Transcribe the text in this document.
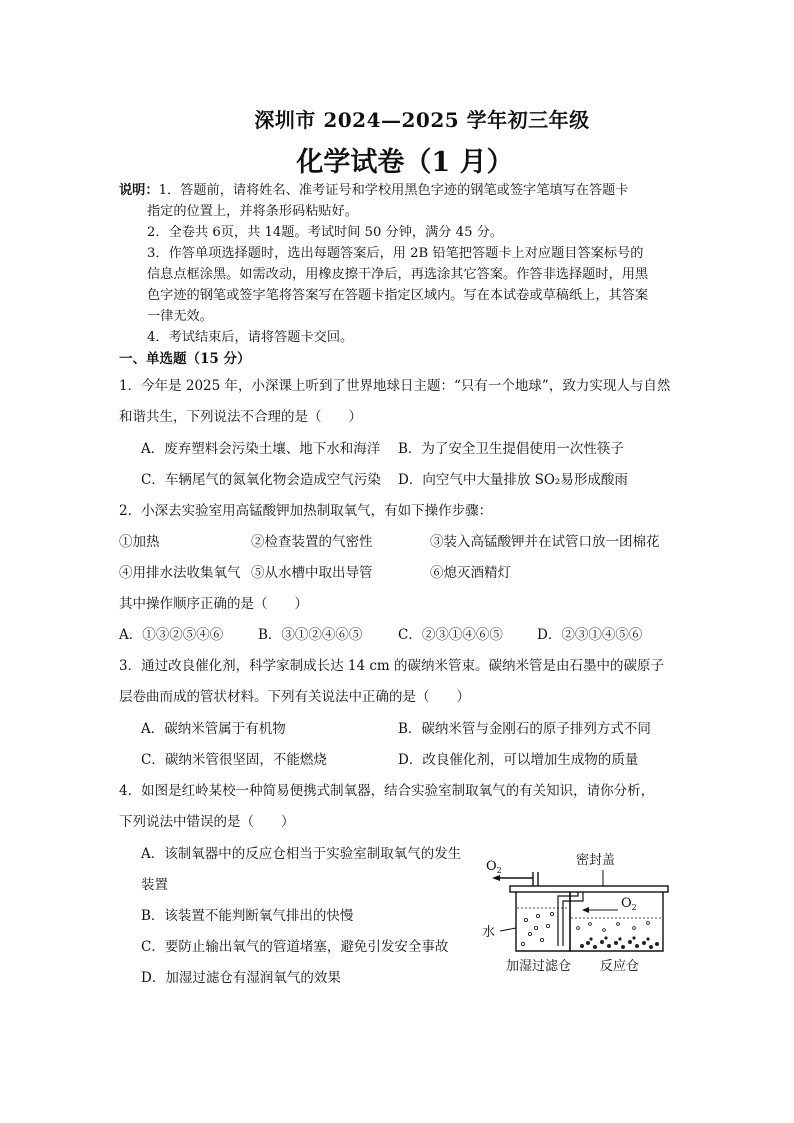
深圳市 2024—2025 学年初三年级
化学试卷（1 月）

说明：1．答题前，请将姓名、准考证号和学校用黑色字迹的钢笔或签字笔填写在答题卡

指定的位置上，并将条形码粘贴好。

2．全卷共 6页，共 14题。考试时间 50 分钟，满分 45 分。

3．作答单项选择题时，选出每题答案后，用 2B 铅笔把答题卡上对应题目答案标号的

信息点框涂黑。如需改动，用橡皮擦干净后，再选涂其它答案。作答非选择题时，用黑

色字迹的钢笔或签字笔将答案写在答题卡指定区域内。写在本试卷或草稿纸上，其答案

一律无效。

4．考试结束后，请将答题卡交回。

一、单选题（15 分）
1．今年是 2025 年，小深课上听到了世界地球日主题：“只有一个地球”，致力实现人与自然
和谐共生，下列说法不合理的是（　　）
A．废弃塑料会污染土壤、地下水和海洋 B．为了安全卫生提倡使用一次性筷子
C．车辆尾气的氮氧化物会造成空气污染 D．向空气中大量排放 SO₂易形成酸雨
2．小深去实验室用高锰酸钾加热制取氧气，有如下操作步骤：
①加热	②检查装置的气密性	③装入高锰酸钾并在试管口放一团棉花
④用排水法收集氧气 ⑤从水槽中取出导管	⑥熄灭酒精灯
其中操作顺序正确的是（　　）
A．①③②⑤④⑥	B．③①②④⑥⑤	C．②③①④⑥⑤	D．②③①④⑤⑥
3．通过改良催化剂，科学家制成长达 14 cm 的碳纳米管束。碳纳米管是由石墨中的碳原子
层卷曲而成的管状材料。下列有关说法中正确的是（　　）
A．碳纳米管属于有机物	B．碳纳米管与金刚石的原子排列方式不同
C．碳纳米管很坚固，不能燃烧	D．改良催化剂，可以增加生成物的质量
4．如图是红岭某校一种简易便携式制氧器，结合实验室制取氧气的有关知识，请你分析，
下列说法中错误的是（　　）
A．该制氧器中的反应仓相当于实验室制取氧气的发生
装置
B．该装置不能判断氧气排出的快慢
C．要防止输出氧气的管道堵塞，避免引发安全事故
D．加湿过滤仓有湿润氧气的效果
$O_2$
$O_2$
密封盖
水
加湿过滤仓 反应仓
